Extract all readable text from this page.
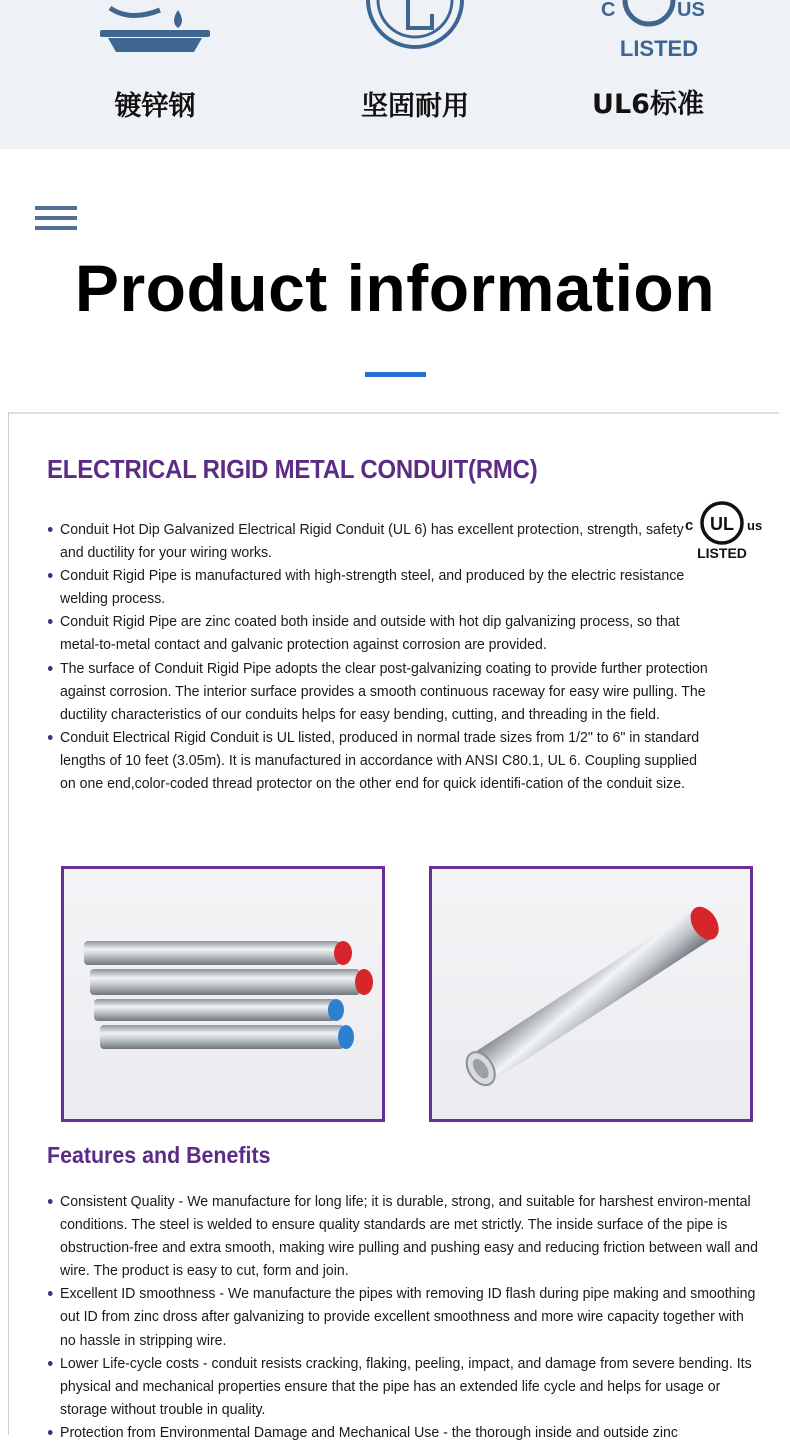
镀锌钢	坚固耐用
C	US
LISTED
UL6标准
Product information
ELECTRICAL RIGID METAL CONDUIT(RMC)
c UL us
LISTED
Conduit Hot Dip Galvanized Electrical Rigid Conduit (UL 6) has excellent protection, strength, safety and ductility for your wiring works.
Conduit Rigid Pipe is manufactured with high-strength steel, and produced by the electric resistance welding process.
Conduit Rigid Pipe are zinc coated both inside and outside with hot dip galvanizing process, so that metal-to-metal contact and galvanic protection against corrosion are provided.
The surface of Conduit Rigid Pipe adopts the clear post-galvanizing coating to provide further protection against corrosion. The interior surface provides a smooth continuous raceway for easy wire pulling. The ductility characteristics of our conduits helps for easy bending, cutting, and threading in the field.
Conduit Electrical Rigid Conduit is UL listed, produced in normal trade sizes from 1/2" to 6" in standard lengths of 10 feet (3.05m). It is manufactured in accordance with ANSI C80.1, UL 6. Coupling supplied on one end,color-coded thread protector on the other end for quick identifi-cation of the conduit size.
Features and Benefits
Consistent Quality - We manufacture for long life; it is durable, strong, and suitable for harshest environ-mental conditions. The steel is welded to ensure quality standards are met strictly. The inside surface of the pipe is obstruction-free and extra smooth, making wire pulling and pushing easy and reducing friction between wall and wire. The product is easy to cut, form and join.
Excellent ID smoothness - We manufacture the pipes with removing ID flash during pipe making and smoothing out ID from zinc dross after galvanizing to provide excellent smoothness and more wire capacity together with no hassle in stripping wire.
Lower Life-cycle costs - conduit resists cracking, flaking, peeling, impact, and damage from severe bending. Its physical and mechanical properties ensure that the pipe has an extended life cycle and helps for usage or storage without trouble in quality.
Protection from Environmental Damage and Mechanical Use - the thorough inside and outside zinc
